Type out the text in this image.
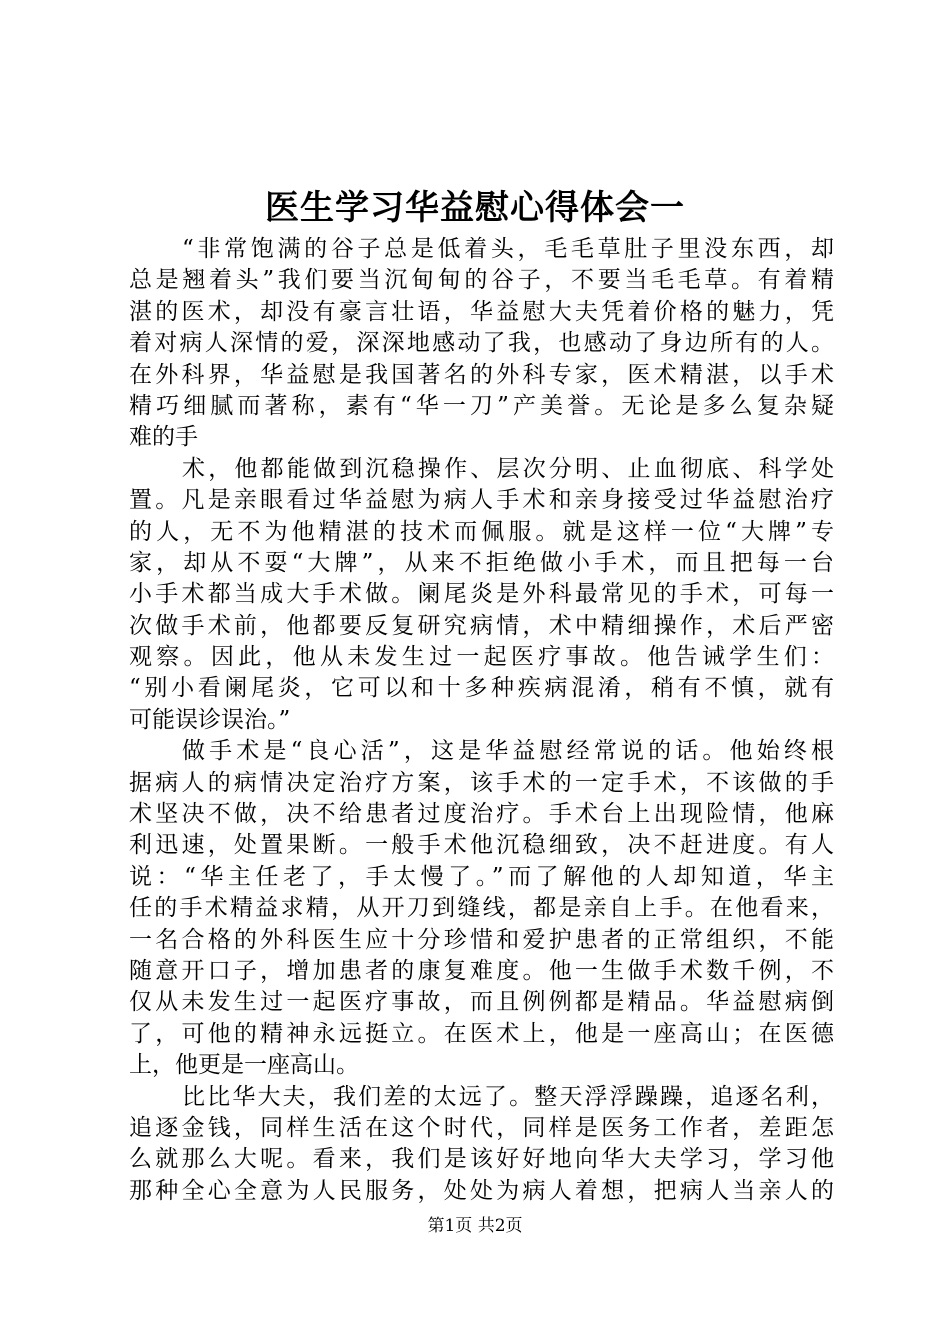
医生学习华益慰心得体会一
“非常饱满的谷子总是低着头，毛毛草肚子里没东西，却
总是翘着头”我们要当沉甸甸的谷子，不要当毛毛草。有着精
湛的医术，却没有豪言壮语，华益慰大夫凭着价格的魅力，凭
着对病人深情的爱，深深地感动了我，也感动了身边所有的人。
在外科界，华益慰是我国著名的外科专家，医术精湛，以手术
精巧细腻而著称，素有“华一刀”产美誉。无论是多么复杂疑
难的手
术，他都能做到沉稳操作、层次分明、止血彻底、科学处
置。凡是亲眼看过华益慰为病人手术和亲身接受过华益慰治疗
的人，无不为他精湛的技术而佩服。就是这样一位“大牌”专
家，却从不耍“大牌”，从来不拒绝做小手术，而且把每一台
小手术都当成大手术做。阑尾炎是外科最常见的手术，可每一
次做手术前，他都要反复研究病情，术中精细操作，术后严密
观察。因此，他从未发生过一起医疗事故。他告诫学生们：
“别小看阑尾炎，它可以和十多种疾病混淆，稍有不慎，就有
可能误诊误治。”
做手术是“良心活”，这是华益慰经常说的话。他始终根
据病人的病情决定治疗方案，该手术的一定手术，不该做的手
术坚决不做，决不给患者过度治疗。手术台上出现险情，他麻
利迅速，处置果断。一般手术他沉稳细致，决不赶进度。有人
说：“华主任老了，手太慢了。”而了解他的人却知道，华主
任的手术精益求精，从开刀到缝线，都是亲自上手。在他看来，
一名合格的外科医生应十分珍惜和爱护患者的正常组织，不能
随意开口子，增加患者的康复难度。他一生做手术数千例，不
仅从未发生过一起医疗事故，而且例例都是精品。华益慰病倒
了，可他的精神永远挺立。在医术上，他是一座高山；在医德
上，他更是一座高山。
比比华大夫，我们差的太远了。整天浮浮躁躁，追逐名利，
追逐金钱，同样生活在这个时代，同样是医务工作者，差距怎
么就那么大呢。看来，我们是该好好地向华大夫学习，学习他
那种全心全意为人民服务，处处为病人着想，把病人当亲人的
第1页 共2页
